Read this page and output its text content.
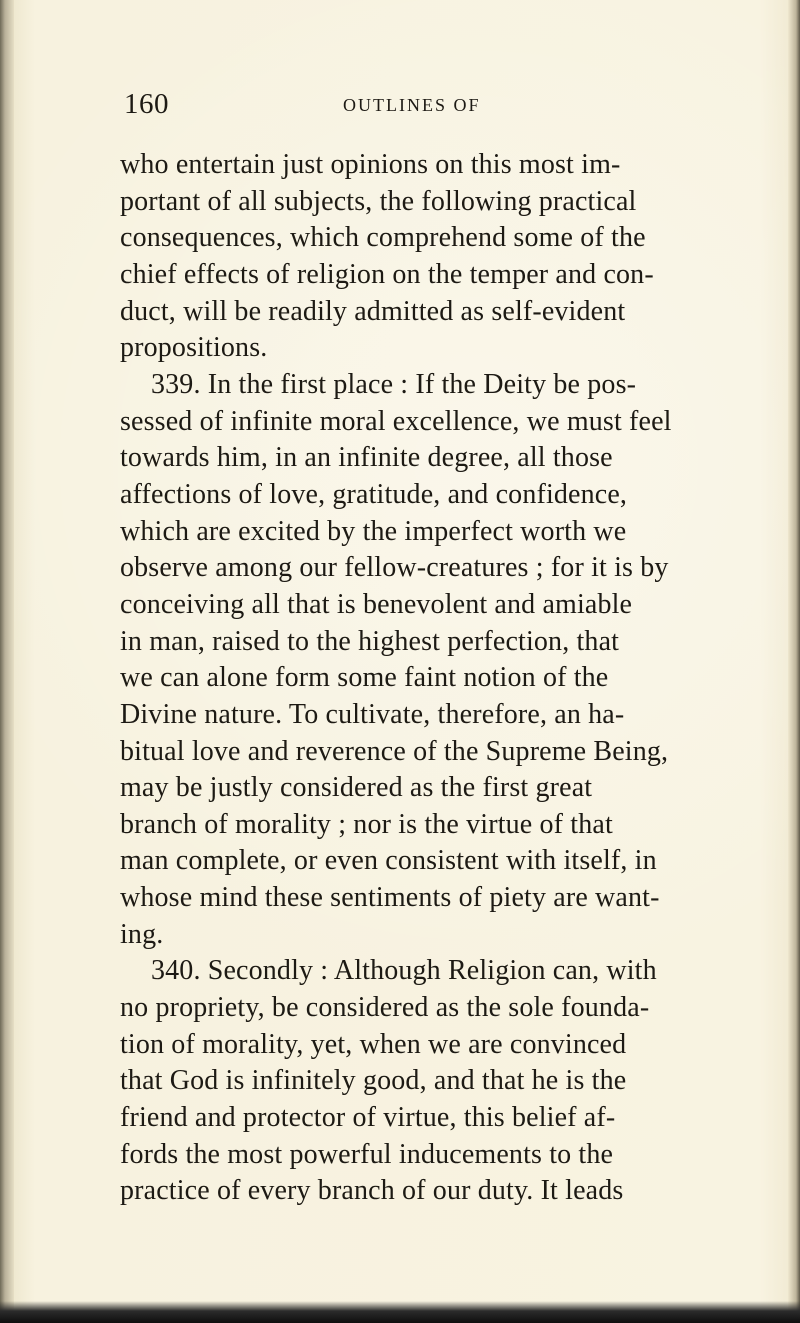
160	OUTLINES OF
who entertain just opinions on this most im-
portant of all subjects, the following practical
consequences, which comprehend some of the
chief effects of religion on the temper and con-
duct, will be readily admitted as self-evident
propositions.
339. In the first place : If the Deity be pos-
sessed of infinite moral excellence, we must feel
towards him, in an infinite degree, all those
affections of love, gratitude, and confidence,
which are excited by the imperfect worth we
observe among our fellow-creatures ; for it is by
conceiving all that is benevolent and amiable
in man, raised to the highest perfection, that
we can alone form some faint notion of the
Divine nature. To cultivate, therefore, an ha-
bitual love and reverence of the Supreme Being,
may be justly considered as the first great
branch of morality ; nor is the virtue of that
man complete, or even consistent with itself, in
whose mind these sentiments of piety are want-
ing.
340. Secondly : Although Religion can, with
no propriety, be considered as the sole founda-
tion of morality, yet, when we are convinced
that God is infinitely good, and that he is the
friend and protector of virtue, this belief af-
fords the most powerful inducements to the
practice of every branch of our duty. It leads
